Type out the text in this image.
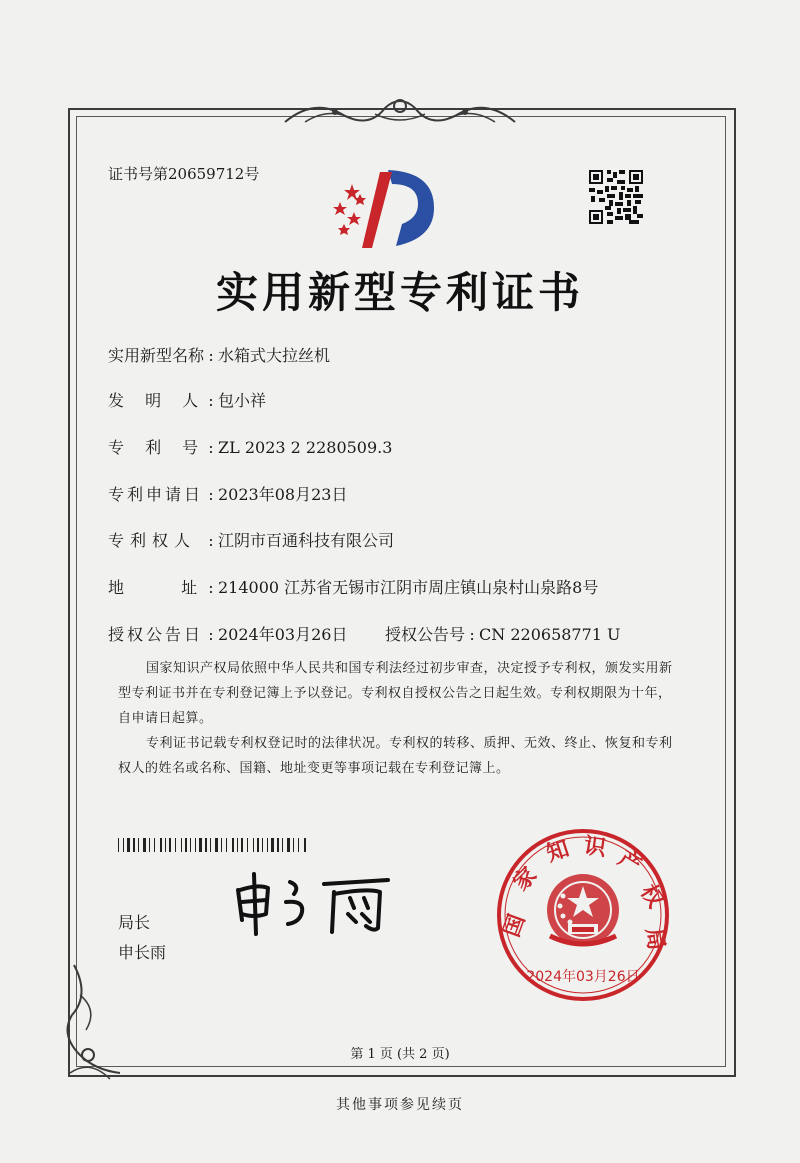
证书号第20659712号
实用新型专利证书
实用新型名称 : 水箱式大拉丝机
发 明 人 : 包小祥
专 利 号 : ZL 2023 2 2280509.3
专利申请日 : 2023年08月23日
专利权人 : 江阴市百通科技有限公司
地 址 : 214000 江苏省无锡市江阴市周庄镇山泉村山泉路8号
授权公告日 : 2024年03月26日 授权公告号 : CN 220658771 U
国家知识产权局依照中华人民共和国专利法经过初步审查，决定授予专利权，颁发实用新型专利证书并在专利登记簿上予以登记。专利权自授权公告之日起生效。专利权期限为十年，自申请日起算。
专利证书记载专利权登记时的法律状况。专利权的转移、质押、无效、终止、恢复和专利权人的姓名或名称、国籍、地址变更等事项记载在专利登记簿上。
局长
申长雨
国
家
知 识 产
权
局
2024年03月26日
第 1 页 (共 2 页)
其他事项参见续页
